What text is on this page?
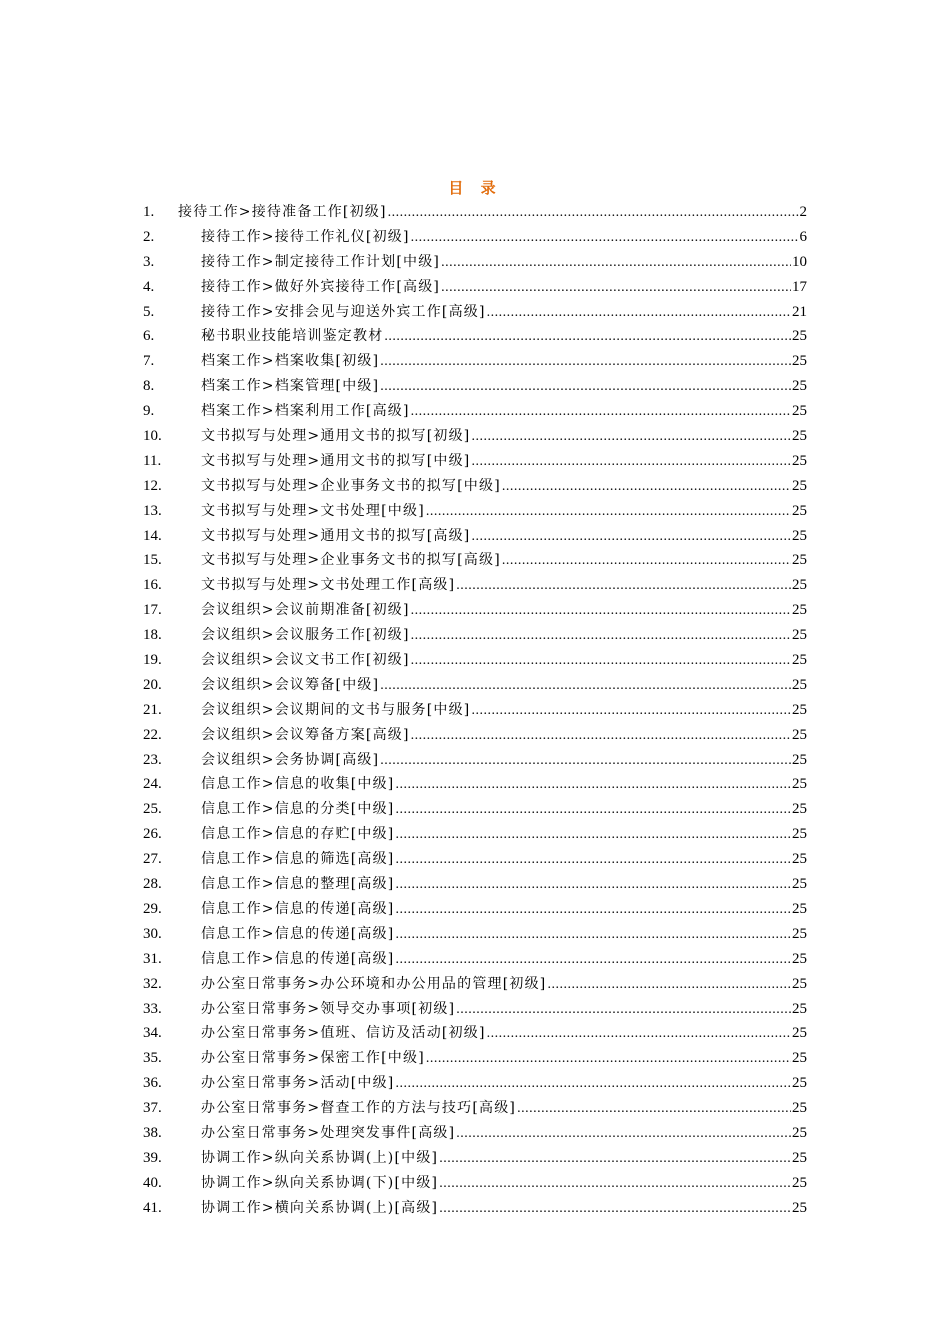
目 录
1.	接待工作>接待准备工作[初级] .....	2
2.	接待工作>接待工作礼仪[初级] .....	6
3.	接待工作>制定接待工作计划[中级] .....	10
4.	接待工作>做好外宾接待工作[高级] .....	17
5.	接待工作>安排会见与迎送外宾工作[高级] .....	21
6.	秘书职业技能培训鉴定教材 .....	25
7.	档案工作>档案收集[初级] .....	25
8.	档案工作>档案管理[中级] .....	25
9.	档案工作>档案利用工作[高级] .....	25
10.	文书拟写与处理>通用文书的拟写[初级] .....	25
11.	文书拟写与处理>通用文书的拟写[中级] .....	25
12.	文书拟写与处理>企业事务文书的拟写[中级] .....	25
13.	文书拟写与处理>文书处理[中级] .....	25
14.	文书拟写与处理>通用文书的拟写[高级] .....	25
15.	文书拟写与处理>企业事务文书的拟写[高级] .....	25
16.	文书拟写与处理>文书处理工作[高级] .....	25
17.	会议组织>会议前期准备[初级] .....	25
18.	会议组织>会议服务工作[初级] .....	25
19.	会议组织>会议文书工作[初级] .....	25
20.	会议组织>会议筹备[中级] .....	25
21.	会议组织>会议期间的文书与服务[中级] .....	25
22.	会议组织>会议筹备方案[高级] .....	25
23.	会议组织>会务协调[高级] .....	25
24.	信息工作>信息的收集[中级] .....	25
25.	信息工作>信息的分类[中级] .....	25
26.	信息工作>信息的存贮[中级] .....	25
27.	信息工作>信息的筛选[高级] .....	25
28.	信息工作>信息的整理[高级] .....	25
29.	信息工作>信息的传递[高级] .....	25
30.	信息工作>信息的传递[高级] .....	25
31.	信息工作>信息的传递[高级] .....	25
32.	办公室日常事务>办公环境和办公用品的管理[初级] .....	25
33.	办公室日常事务>领导交办事项[初级] .....	25
34.	办公室日常事务>值班、信访及活动[初级] .....	25
35.	办公室日常事务>保密工作[中级] .....	25
36.	办公室日常事务>活动[中级] .....	25
37.	办公室日常事务>督查工作的方法与技巧[高级] .....	25
38.	办公室日常事务>处理突发事件[高级] .....	25
39.	协调工作>纵向关系协调(上)[中级] .....	25
40.	协调工作>纵向关系协调(下)[中级] .....	25
41.	协调工作>横向关系协调(上)[高级] .....	25
